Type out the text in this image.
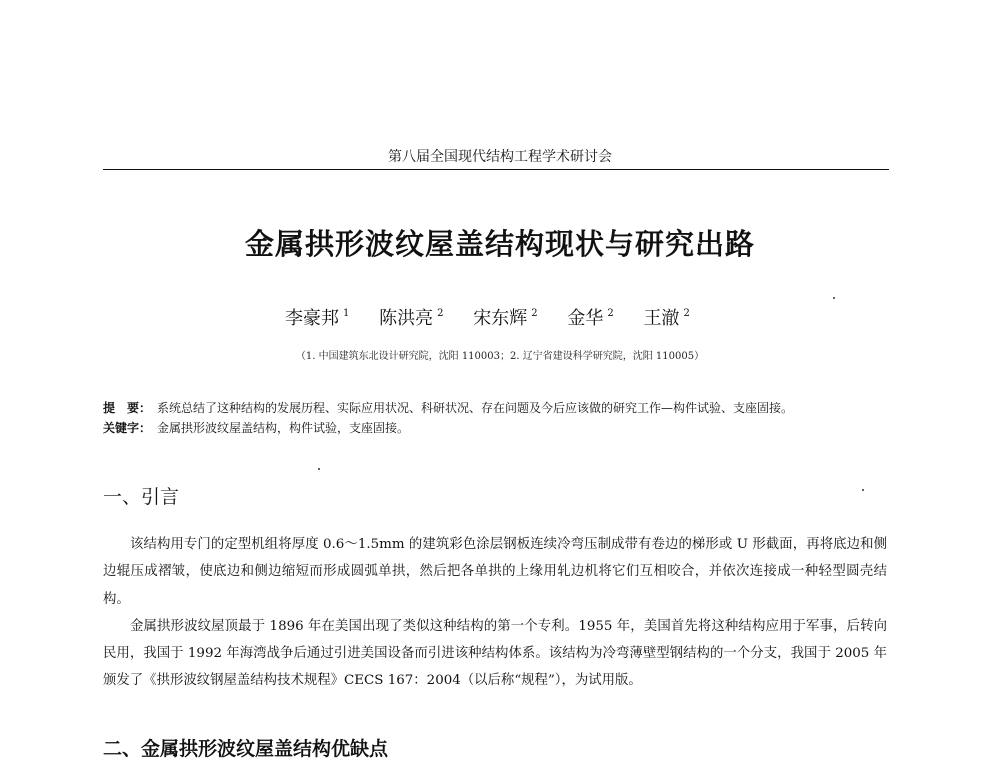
第八届全国现代结构工程学术研讨会
金属拱形波纹屋盖结构现状与研究出路
李豪邦 $^1$ 陈洪亮 $^2$ 宋东辉 $^2$ 金华 $^2$ 王澈 $^2$
（1. 中国建筑东北设计研究院，沈阳 110003；2. 辽宁省建设科学研究院，沈阳 110005）
提　要： 系统总结了这种结构的发展历程、实际应用状况、科研状况、存在问题及今后应该做的研究工作—构件试验、支座固接。
关键字： 金属拱形波纹屋盖结构，构件试验，支座固接。
一、引言

该结构用专门的定型机组将厚度 0.6～1.5mm 的建筑彩色涂层钢板连续冷弯压制成带有卷边的梯形或 U 形截面，再将底边和侧边辊压成褶皱，使底边和侧边缩短而形成圆弧单拱，然后把各单拱的上缘用轧边机将它们互相咬合，并依次连接成一种轻型圆壳结构。

金属拱形波纹屋顶最于 1896 年在美国出现了类似这种结构的第一个专利。1955 年，美国首先将这种结构应用于军事，后转向民用，我国于 1992 年海湾战争后通过引进美国设备而引进该种结构体系。该结构为冷弯薄壁型钢结构的一个分支，我国于 2005 年颁发了《拱形波纹钢屋盖结构技术规程》CECS 167：2004（以后称“规程”），为试用版。

二、金属拱形波纹屋盖结构优缺点
